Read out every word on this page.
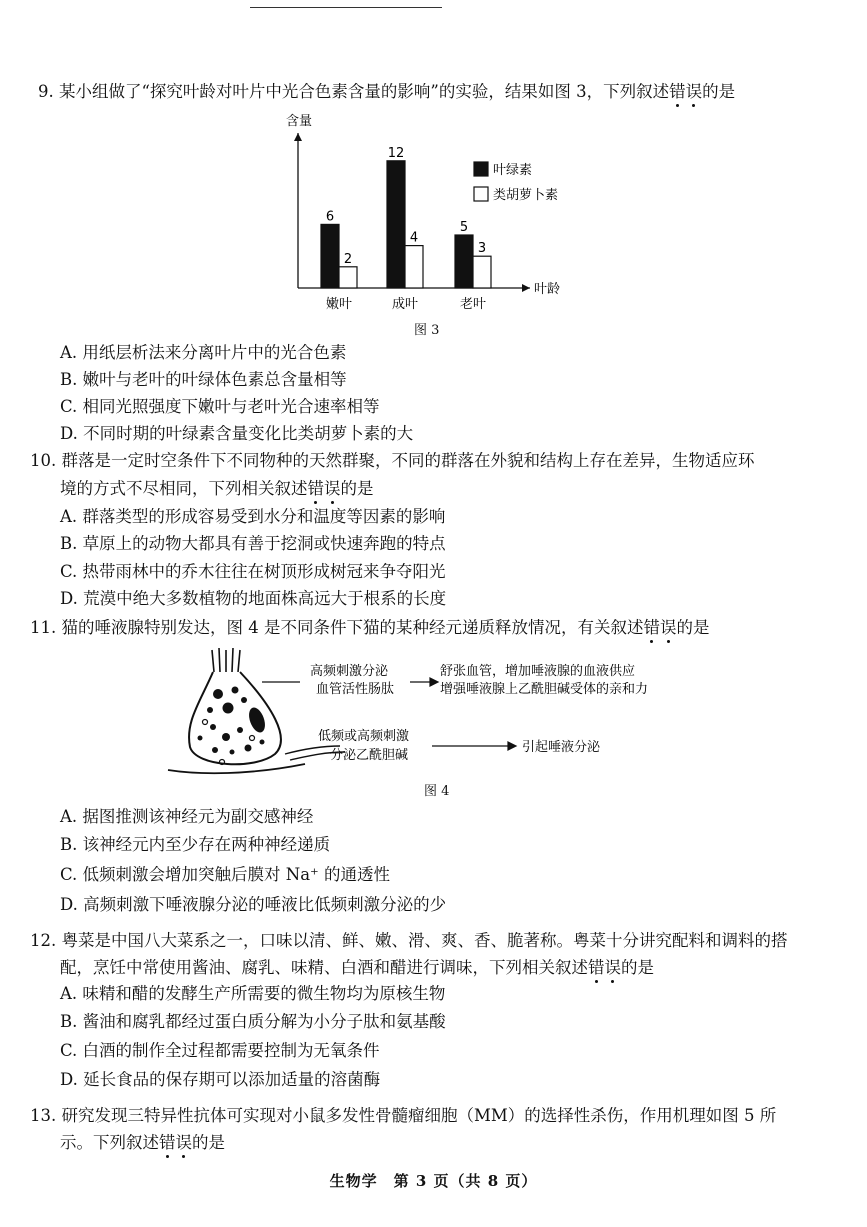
9. 某小组做了“探究叶龄对叶片中光合色素含量的影响”的实验，结果如图 3，下列叙述错误的是
含量
叶龄
6
2
嫩叶
12
4
成叶
5
3
老叶
叶绿素
类胡萝卜素
图 3
A. 用纸层析法来分离叶片中的光合色素
B. 嫩叶与老叶的叶绿体色素总含量相等
C. 相同光照强度下嫩叶与老叶光合速率相等
D. 不同时期的叶绿素含量变化比类胡萝卜素的大
10. 群落是一定时空条件下不同物种的天然群聚，不同的群落在外貌和结构上存在差异，生物适应环
境的方式不尽相同，下列相关叙述错误的是
A. 群落类型的形成容易受到水分和温度等因素的影响
B. 草原上的动物大都具有善于挖洞或快速奔跑的特点
C. 热带雨林中的乔木往往在树顶形成树冠来争夺阳光
D. 荒漠中绝大多数植物的地面株高远大于根系的长度
11. 猫的唾液腺特别发达，图 4 是不同条件下猫的某种经元递质释放情况，有关叙述错误的是
高频刺激分泌
血管活性肠肽
舒张血管，增加唾液腺的血液供应
增强唾液腺上乙酰胆碱受体的亲和力
低频或高频刺激
分泌乙酰胆碱
引起唾液分泌
图 4
A. 据图推测该神经元为副交感神经
B. 该神经元内至少存在两种神经递质
C. 低频刺激会增加突触后膜对 Na⁺ 的通透性
D. 高频刺激下唾液腺分泌的唾液比低频刺激分泌的少
12. 粤菜是中国八大菜系之一，口味以清、鲜、嫩、滑、爽、香、脆著称。粤菜十分讲究配料和调料的搭
配，烹饪中常使用酱油、腐乳、味精、白酒和醋进行调味，下列相关叙述错误的是
A. 味精和醋的发酵生产所需要的微生物均为原核生物
B. 酱油和腐乳都经过蛋白质分解为小分子肽和氨基酸
C. 白酒的制作全过程都需要控制为无氧条件
D. 延长食品的保存期可以添加适量的溶菌酶
13. 研究发现三特异性抗体可实现对小鼠多发性骨髓瘤细胞（MM）的选择性杀伤，作用机理如图 5 所
示。下列叙述错误的是
生物学　第 3 页（共 8 页）
